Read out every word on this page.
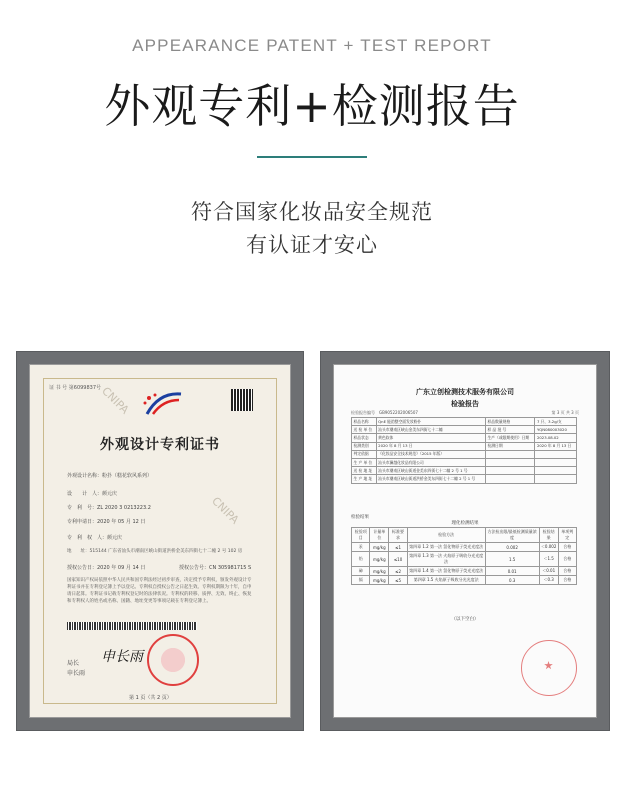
APPEARANCE PATENT + TEST REPORT
外观专利+检测报告
符合国家化妆品安全规范
有认证才安心
CNIPA
CNIPA
证 书 号 第6099837号
外观设计专利证书
外观设计名称：粉扑（糕花软风系列）
设　　计　人：颜元庆
专　利　号：ZL 2020 3 0213223.2
专利申请日：2020 年 05 月 12 日
专　利　权　人：颜元庆
地　　址：515144 广东省汕头市潮南区峡山街道洪桥金美东四街七十二幢 2 号 102 房
授权公告日：2020 年 09 月 14 日	授权公告号：CN 305981715 S
国家知识产权局依照中华人民共和国专利法经过初步审查，决定授予专利权，颁发外观设计专利证书并在专利登记簿上予以登记。专利权自授权公告之日起生效。专利权期限为十年，自申请日起算。专利证书记载专利权登记时的法律状况。专利权的转移、质押、无效、终止、恢复和专利权人的姓名或名称、国籍、地址变更等事项记载在专利登记簿上。
局长
申长雨
申长雨
第 1 页（共 2 页）
广东立创检测技术服务有限公司
检验报告
检验报告编号　GB9052202006507	第 3 页 共 3 页
样品名称	QnE 能韵整空面发妆粉扑	样品数量规格	7 只、3.2g/支
送 检 单 位	汕头市潮南区峡山金美东四街七十二幢	样 品 批 号	YQN080003020
样品状态	黄色软体	生产（或限期使用）日期	2023.08.02
检测类别	2020 年 8 月 13 日	检测日期	2020 年 8 月 13 日
判定依据	《化妆品安全技术规范》（2015 年版）		
生 产 单 位	汕头市澜越化妆品有限公司		
送 检 地 址	汕头市潮南区峡山街道金美东四街七十二幢 2 号 1 号		
生 产 地 址	汕头市潮南区峡山街道洪桥金美东四街七十二幢 2 号 1 号		
检验结果
理化检测结果
检验项目	计量单位	标准要求	检验方法	方法检出限/最低检测质量浓度	检验结果	单项判定
汞	mg/kg	≤1	第四章 1.2 第一法 氢化物原子荧光光度法	0.002	＜0.002	合格
铅	mg/kg	≤10	第四章 1.3 第一法 火焰原子吸收分光光度法	1.5	＜1.5	合格
砷	mg/kg	≤2	第四章 1.4 第一法 氢化物原子荧光光度法	0.01	＜0.01	合格
镉	mg/kg	≤5	第四章 1.5 火焰原子吸收分光光度法	0.3	＜0.3	合格
（以下空白）
